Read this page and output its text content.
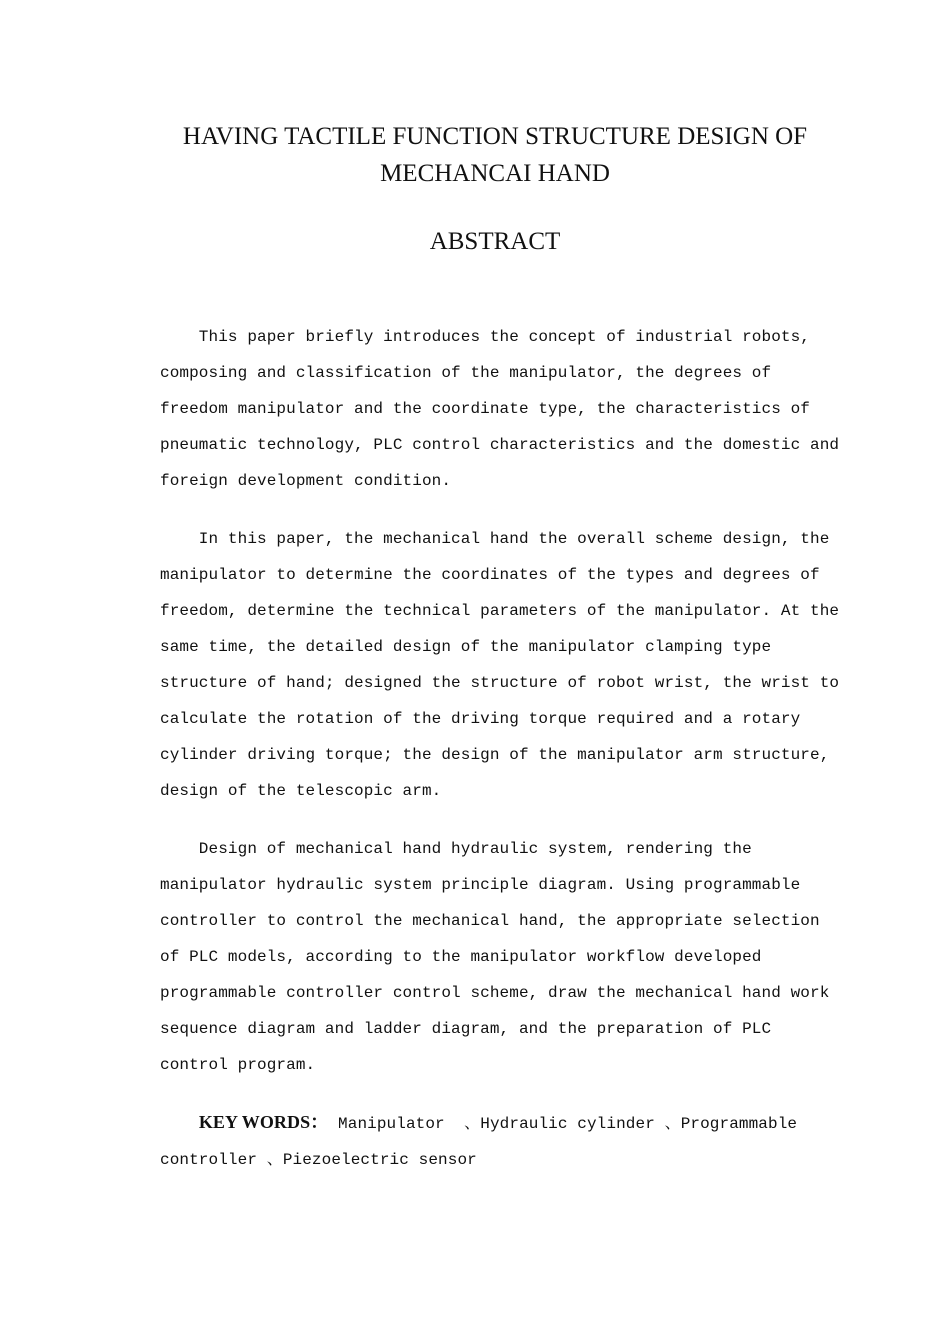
HAVING TACTILE FUNCTION STRUCTURE DESIGN OF
MECHANCAI HAND
ABSTRACT

This paper briefly introduces the concept of industrial robots,
composing and classification of the manipulator, the degrees of
freedom manipulator and the coordinate type, the characteristics of
pneumatic technology, PLC control characteristics and the domestic and
foreign development condition.

In this paper, the mechanical hand the overall scheme design, the
manipulator to determine the coordinates of the types and degrees of
freedom, determine the technical parameters of the manipulator. At the
same time, the detailed design of the manipulator clamping type
structure of hand; designed the structure of robot wrist, the wrist to
calculate the rotation of the driving torque required and a rotary
cylinder driving torque; the design of the manipulator arm structure,
design of the telescopic arm.

Design of mechanical hand hydraulic system, rendering the
manipulator hydraulic system principle diagram. Using programmable
controller to control the mechanical hand, the appropriate selection
of PLC models, according to the manipulator workflow developed
programmable controller control scheme, draw the mechanical hand work
sequence diagram and ladder diagram, and the preparation of PLC
control program.

KEY WORDS： Manipulator  、Hydraulic cylinder 、Programmable
controller 、Piezoelectric sensor
